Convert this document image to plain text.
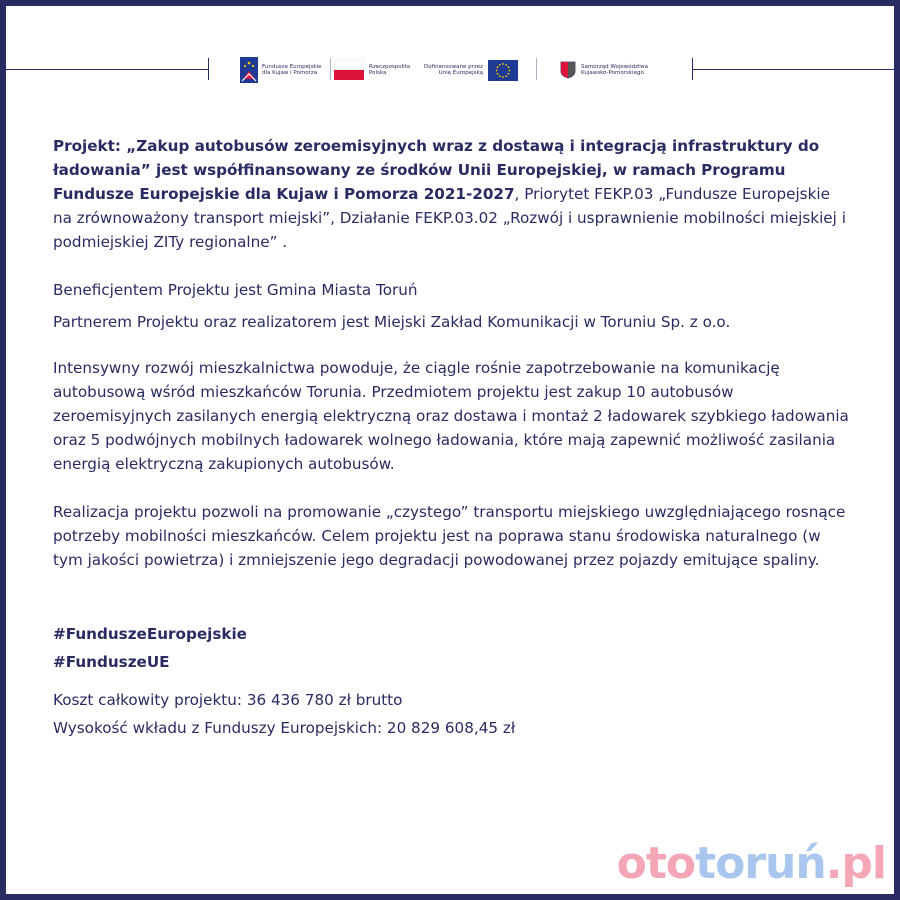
Fundusze Europejskie
dla Kujaw i Pomorza
Rzeczpospolita
Polska
Dofinansowane przez
Unię Europejską
Samorząd Województwa
Kujawsko-Pomorskiego

Projekt: „Zakup autobusów zeroemisyjnych wraz z dostawą i integracją infrastruktury do ładowania” jest współfinansowany ze środków Unii Europejskiej, w ramach Programu Fundusze Europejskie dla Kujaw i Pomorza 2021-2027, Priorytet FEKP.03 „Fundusze Europejskie na zrównoważony transport miejski”, Działanie FEKP.03.02 „Rozwój i usprawnienie mobilności miejskiej i podmiejskiej ZITy regionalne” .

Beneficjentem Projektu jest Gmina Miasta Toruń

Partnerem Projektu oraz realizatorem jest Miejski Zakład Komunikacji w Toruniu Sp. z o.o.

Intensywny rozwój mieszkalnictwa powoduje, że ciągle rośnie zapotrzebowanie na komunikację autobusową wśród mieszkańców Torunia. Przedmiotem projektu jest zakup 10 autobusów zeroemisyjnych zasilanych energią elektryczną oraz dostawa i montaż 2 ładowarek szybkiego ładowania oraz 5 podwójnych mobilnych ładowarek wolnego ładowania, które mają zapewnić możliwość zasilania energią elektryczną zakupionych autobusów.

Realizacja projektu pozwoli na promowanie „czystego” transportu miejskiego uwzględniającego rosnące potrzeby mobilności mieszkańców. Celem projektu jest na poprawa stanu środowiska naturalnego (w tym jakości powietrza) i zmniejszenie jego degradacji powodowanej przez pojazdy emitujące spaliny.

#FunduszeEuropejskie

#FunduszeUE

Koszt całkowity projektu: 36 436 780 zł brutto

Wysokość wkładu z Funduszy Europejskich: 20 829 608,45 zł

ototoruń.pl
